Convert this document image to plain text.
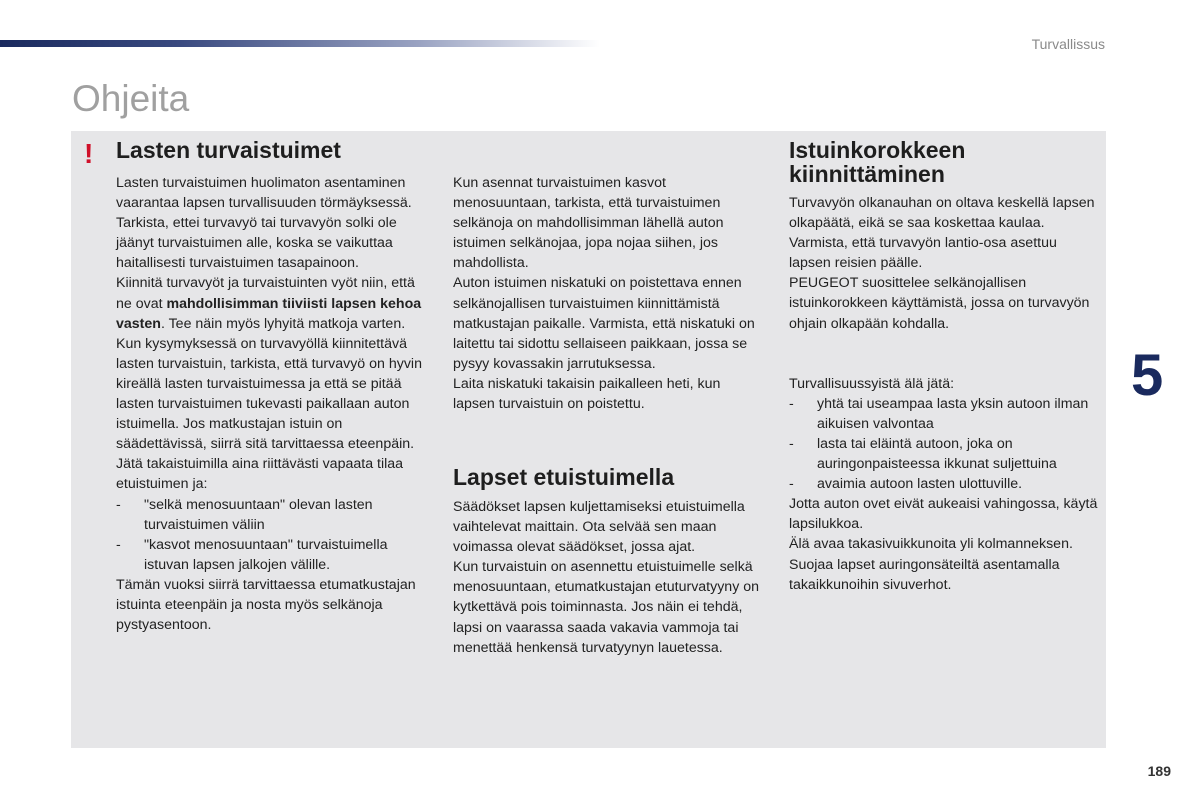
Turvallissus
Ohjeita
! Lasten turvaistuimet

Lasten turvaistuimen huolimaton asentaminen vaarantaa lapsen turvallisuuden törmäyksessä.

Tarkista, ettei turvavyö tai turvavyön solki ole jäänyt turvaistuimen alle, koska se vaikuttaa haitallisesti turvaistuimen tasapainoon.

Kiinnitä turvavyöt ja turvaistuinten vyöt niin, että ne ovat mahdollisimman tiiviisti lapsen kehoa vasten. Tee näin myös lyhyitä matkoja varten.

Kun kysymyksessä on turvavyöllä kiinnitettävä lasten turvaistuin, tarkista, että turvavyö on hyvin kireällä lasten turvaistuimessa ja että se pitää lasten turvaistuimen tukevasti paikallaan auton istuimella. Jos matkustajan istuin on säädettävissä, siirrä sitä tarvittaessa eteenpäin.

Jätä takaistuimilla aina riittävästi vapaata tilaa etuistuimen ja:

-	"selkä menosuuntaan" olevan lasten turvaistuimen väliin
-	"kasvot menosuuntaan" turvaistuimella istuvan lapsen jalkojen välille.

Tämän vuoksi siirrä tarvittaessa etumatkustajan istuinta eteenpäin ja nosta myös selkänoja pystyasentoon.

Kun asennat turvaistuimen kasvot menosuuntaan, tarkista, että turvaistuimen selkänoja on mahdollisimman lähellä auton istuimen selkänojaa, jopa nojaa siihen, jos mahdollista.

Auton istuimen niskatuki on poistettava ennen selkänojallisen turvaistuimen kiinnittämistä matkustajan paikalle. Varmista, että niskatuki on laitettu tai sidottu sellaiseen paikkaan, jossa se pysyy kovassakin jarrutuksessa.

Laita niskatuki takaisin paikalleen heti, kun lapsen turvaistuin on poistettu.

Lapset etuistuimella

Säädökset lapsen kuljettamiseksi etuistuimella vaihtelevat maittain. Ota selvää sen maan voimassa olevat säädökset, jossa ajat.

Kun turvaistuin on asennettu etuistuimelle selkä menosuuntaan, etumatkustajan etuturvatyyny on kytkettävä pois toiminnasta. Jos näin ei tehdä, lapsi on vaarassa saada vakavia vammoja tai menettää henkensä turvatyynyn lauetessa.

Istuinkorokkeen
kiinnittäminen

Turvavyön olkanauhan on oltava keskellä lapsen olkapäätä, eikä se saa koskettaa kaulaa.

Varmista, että turvavyön lantio-osa asettuu lapsen reisien päälle.

PEUGEOT suosittelee selkänojallisen istuinkorokkeen käyttämistä, jossa on turvavyön ohjain olkapään kohdalla.

Turvallisuussyistä älä jätä:

-	yhtä tai useampaa lasta yksin autoon ilman aikuisen valvontaa
-	lasta tai eläintä autoon, joka on auringonpaisteessa ikkunat suljettuina
-	avaimia autoon lasten ulottuville.

Jotta auton ovet eivät aukeaisi vahingossa, käytä lapsilukkoa.

Älä avaa takasivuikkunoita yli kolmanneksen.

Suojaa lapset auringonsäteiltä asentamalla takaikkunoihin sivuverhot.

5
189
